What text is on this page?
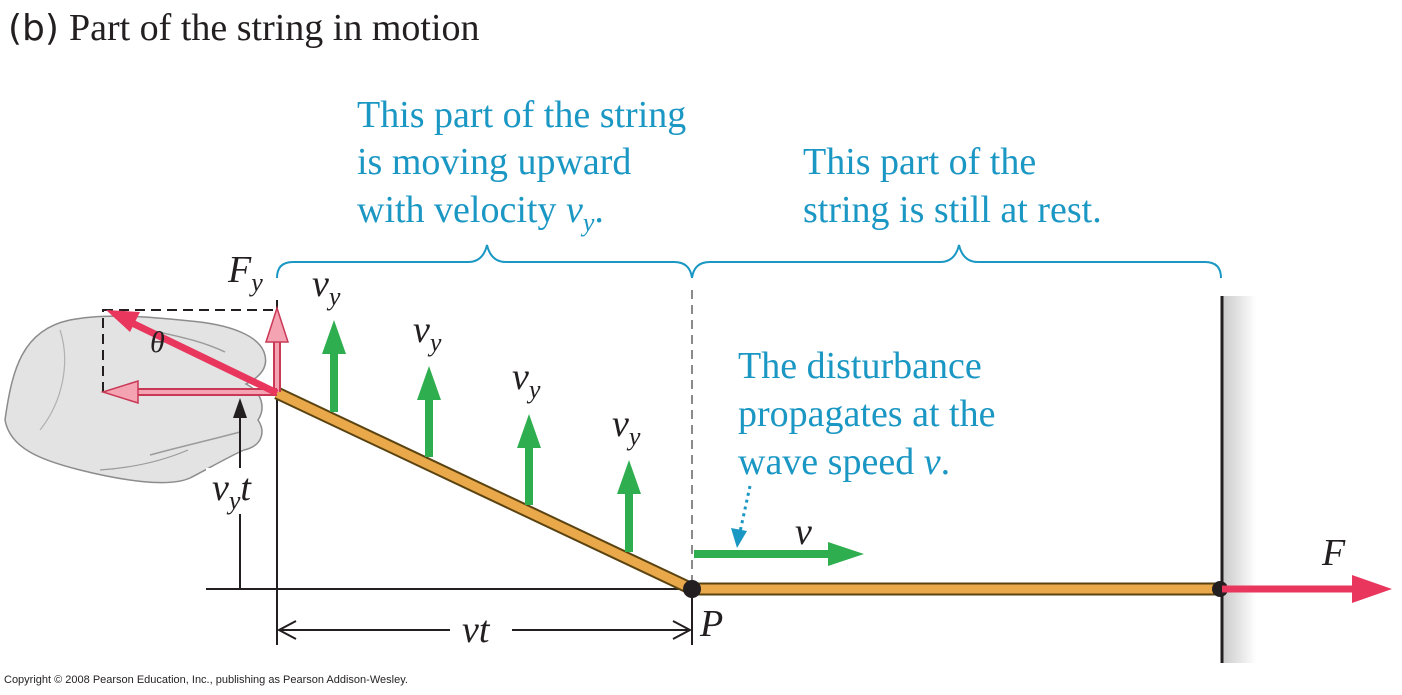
(b) Part of the string in motion
This part of the string
is moving upward
with velocity $v_y$.
This part of the
string is still at rest.
θ
Fy
vyt
vy
vy
vy
vy
The disturbance
propagates at the
wave speed v.
v
vt	P
F
Copyright © 2008 Pearson Education, Inc., publishing as Pearson Addison-Wesley.
